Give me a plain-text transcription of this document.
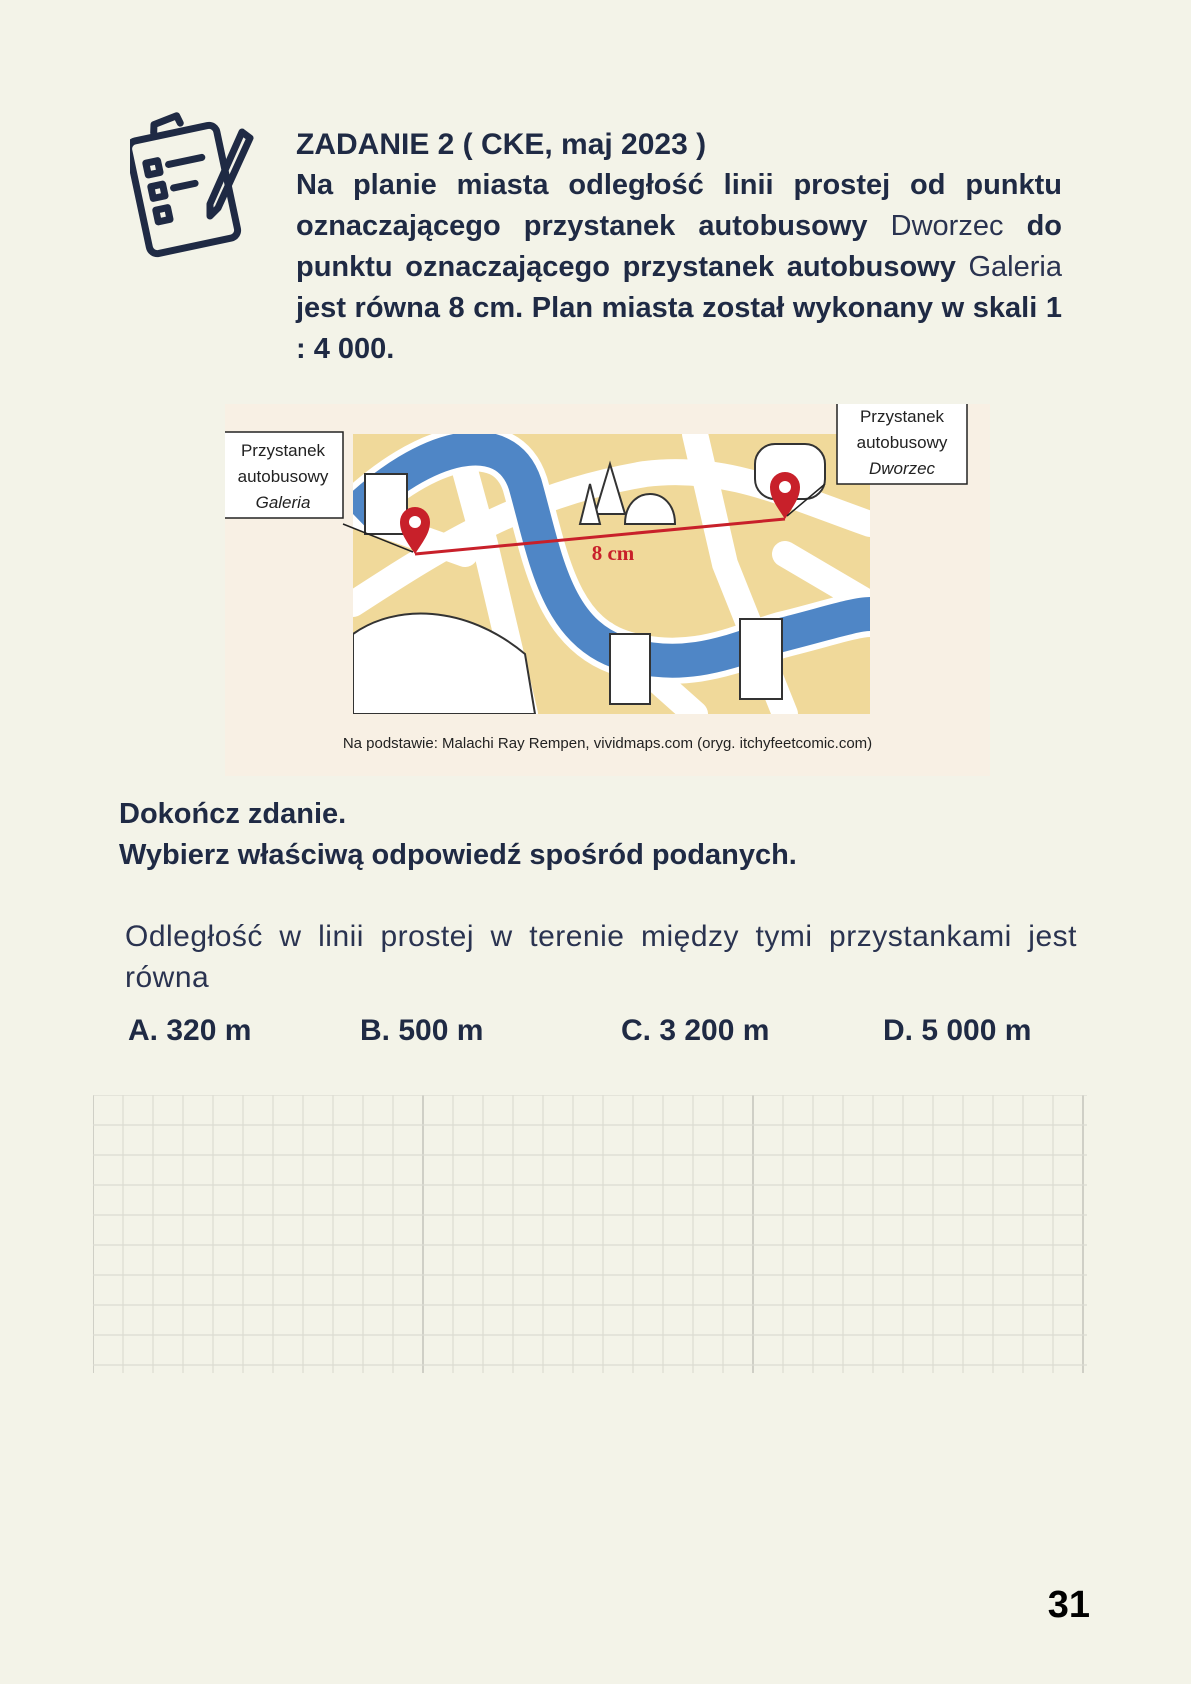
ZADANIE 2 ( CKE, maj 2023 )
Na planie miasta odległość linii prostej od punktu oznaczającego przystanek autobusowy Dworzec do punktu oznaczającego przystanek autobusowy Galeria jest równa 8 cm. Plan miasta został wykonany w skali 1 : 4 000.
Przystanek
autobusowy
Galeria
Przystanek
autobusowy
Dworzec
8 cm
Na podstawie: Malachi Ray Rempen, vividmaps.com (oryg. itchyfeetcomic.com)
Dokończ zdanie.
Wybierz właściwą odpowiedź spośród podanych.
Odległość w linii prostej w terenie między tymi przystankami jest równa
A. 320 m	B. 500 m	C. 3 200 m	D. 5 000 m
31
